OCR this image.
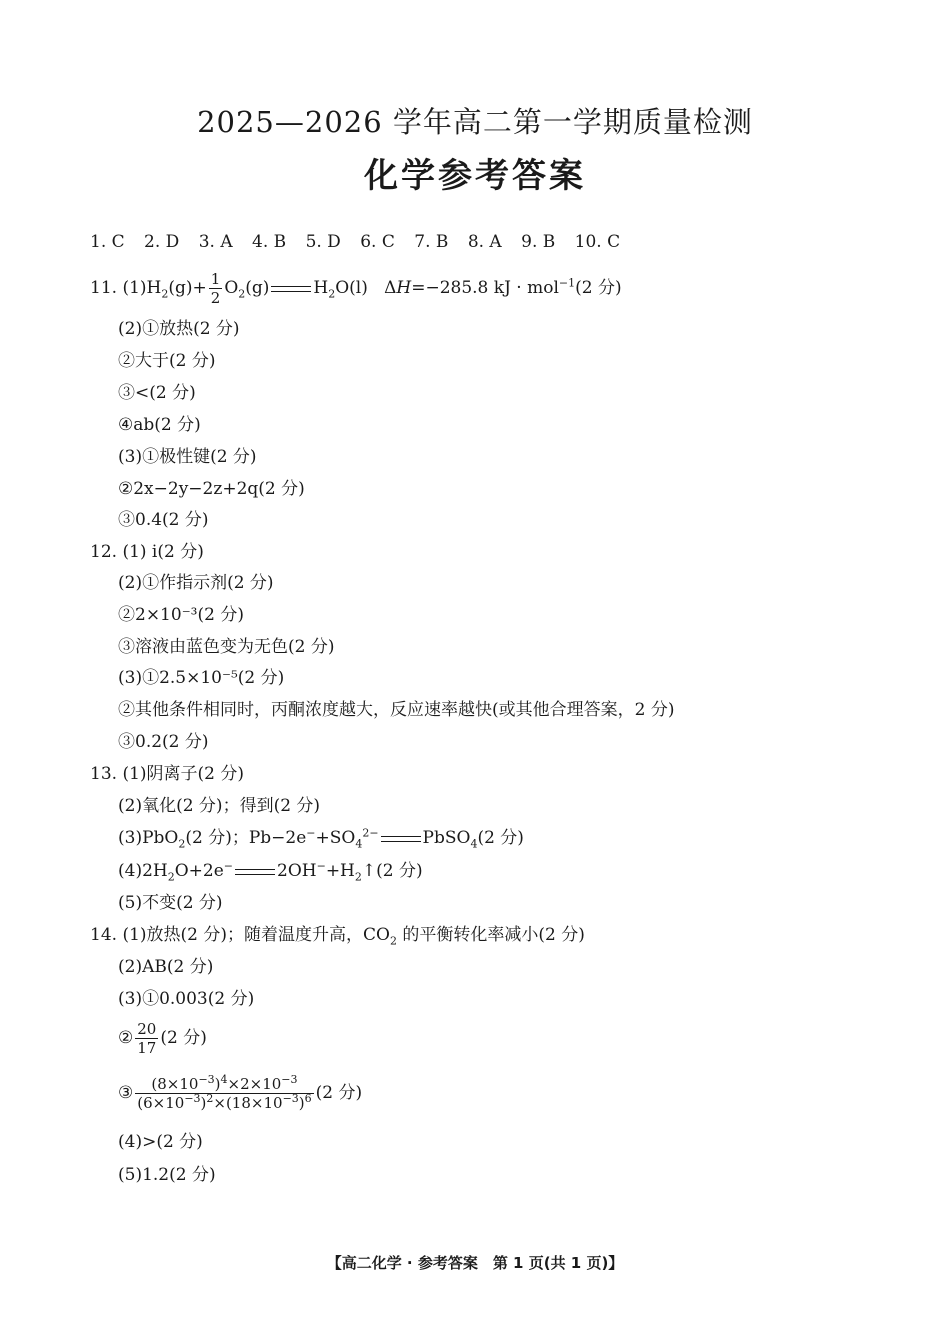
2025—2026 学年高二第一学期质量检测
化学参考答案
1. C 2. D 3. A 4. B 5. D 6. C 7. B 8. A 9. B 10. C
11. $(1)H_2(g)+ \frac{1}{2} O_2(g)$	$H_2O(l)$   ΔH=−285.8 kJ · mol$^{-1}$(2 分)
(2)①放热(2 分)
②大于(2 分)
③<(2 分)
④ab(2 分)
(3)①极性键(2 分)
②2x−2y−2z+2q(2 分)
③0.4(2 分)
12. (1) ⅰ(2 分)
(2)①作指示剂(2 分)
②2×10⁻³(2 分)
③溶液由蓝色变为无色(2 分)
(3)①2.5×10⁻⁵(2 分)
②其他条件相同时，丙酮浓度越大，反应速率越快(或其他合理答案，2 分)
③0.2(2 分)
13. (1)阴离子(2 分)
(2)氧化(2 分)；得到(2 分)
(3)PbO$_2$(2 分)；$Pb-2e^-+SO_4^{2-}$	PbSO$_4$(2 分)
$(4)2H_2O+2e^-$	$2OH^-+H_2↑(2$ 分)
(5)不变(2 分)
14. (1)放热(2 分)；随着温度升高，$CO_2$ 的平衡转化率减小(2 分)
(2)AB(2 分)
(3)①0.003(2 分)
② $\frac{20}{17} (2$ 分)
③ $\frac{(8\times 10^{-3})^4\times 2\times 10^{-3}}{(6\times 10^{-3})^2\times(18\times 10^{-3})^6} (2$ 分)
(4)>(2 分)
(5)1.2(2 分)
【高二化学 · 参考答案　第 1 页(共 1 页)】
